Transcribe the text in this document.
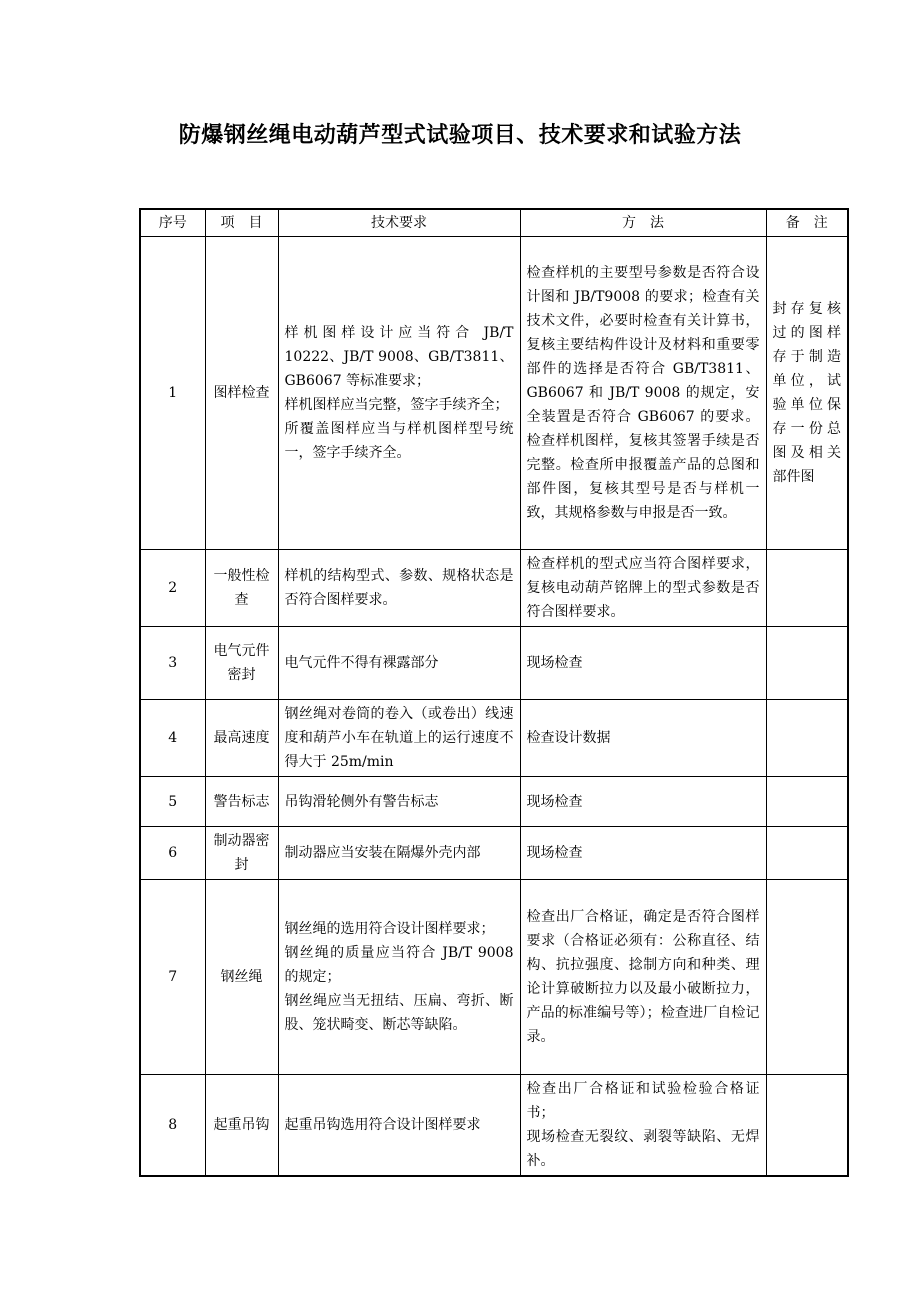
防爆钢丝绳电动葫芦型式试验项目、技术要求和试验方法
序号	项　目	技术要求	方　法	备　注
1	图样检查	样机图样设计应当符合 JB/T 10222、JB/T 9008、GB/T3811、GB6067 等标准要求；
样机图样应当完整，签字手续齐全；
所覆盖图样应当与样机图样型号统一，签字手续齐全。	检查样机的主要型号参数是否符合设计图和 JB/T9008 的要求；检查有关技术文件，必要时检查有关计算书，复核主要结构件设计及材料和重要零部件的选择是否符合 GB/T3811、GB6067 和 JB/T 9008 的规定，安全装置是否符合 GB6067 的要求。检查样机图样，复核其签署手续是否完整。检查所申报覆盖产品的总图和部件图，复核其型号是否与样机一致，其规格参数与申报是否一致。	封存复核过的图样存于制造单位，试验单位保存一份总图及相关部件图
2	一般性检查	样机的结构型式、参数、规格状态是否符合图样要求。	检查样机的型式应当符合图样要求，复核电动葫芦铭牌上的型式参数是否符合图样要求。	
3	电气元件密封	电气元件不得有裸露部分	现场检查	
4	最高速度	钢丝绳对卷筒的卷入（或卷出）线速度和葫芦小车在轨道上的运行速度不得大于 25m/min	检查设计数据	
5	警告标志	吊钩滑轮侧外有警告标志	现场检查	
6	制动器密封	制动器应当安装在隔爆外壳内部	现场检查	
7	钢丝绳	钢丝绳的选用符合设计图样要求；
钢丝绳的质量应当符合 JB/T 9008 的规定；
钢丝绳应当无扭结、压扁、弯折、断股、笼状畸变、断芯等缺陷。	检查出厂合格证，确定是否符合图样要求（合格证必须有：公称直径、结构、抗拉强度、捻制方向和种类、理论计算破断拉力以及最小破断拉力，产品的标准编号等）；检查进厂自检记录。	
8	起重吊钩	起重吊钩选用符合设计图样要求	检查出厂合格证和试验检验合格证书；
现场检查无裂纹、剥裂等缺陷、无焊补。	
